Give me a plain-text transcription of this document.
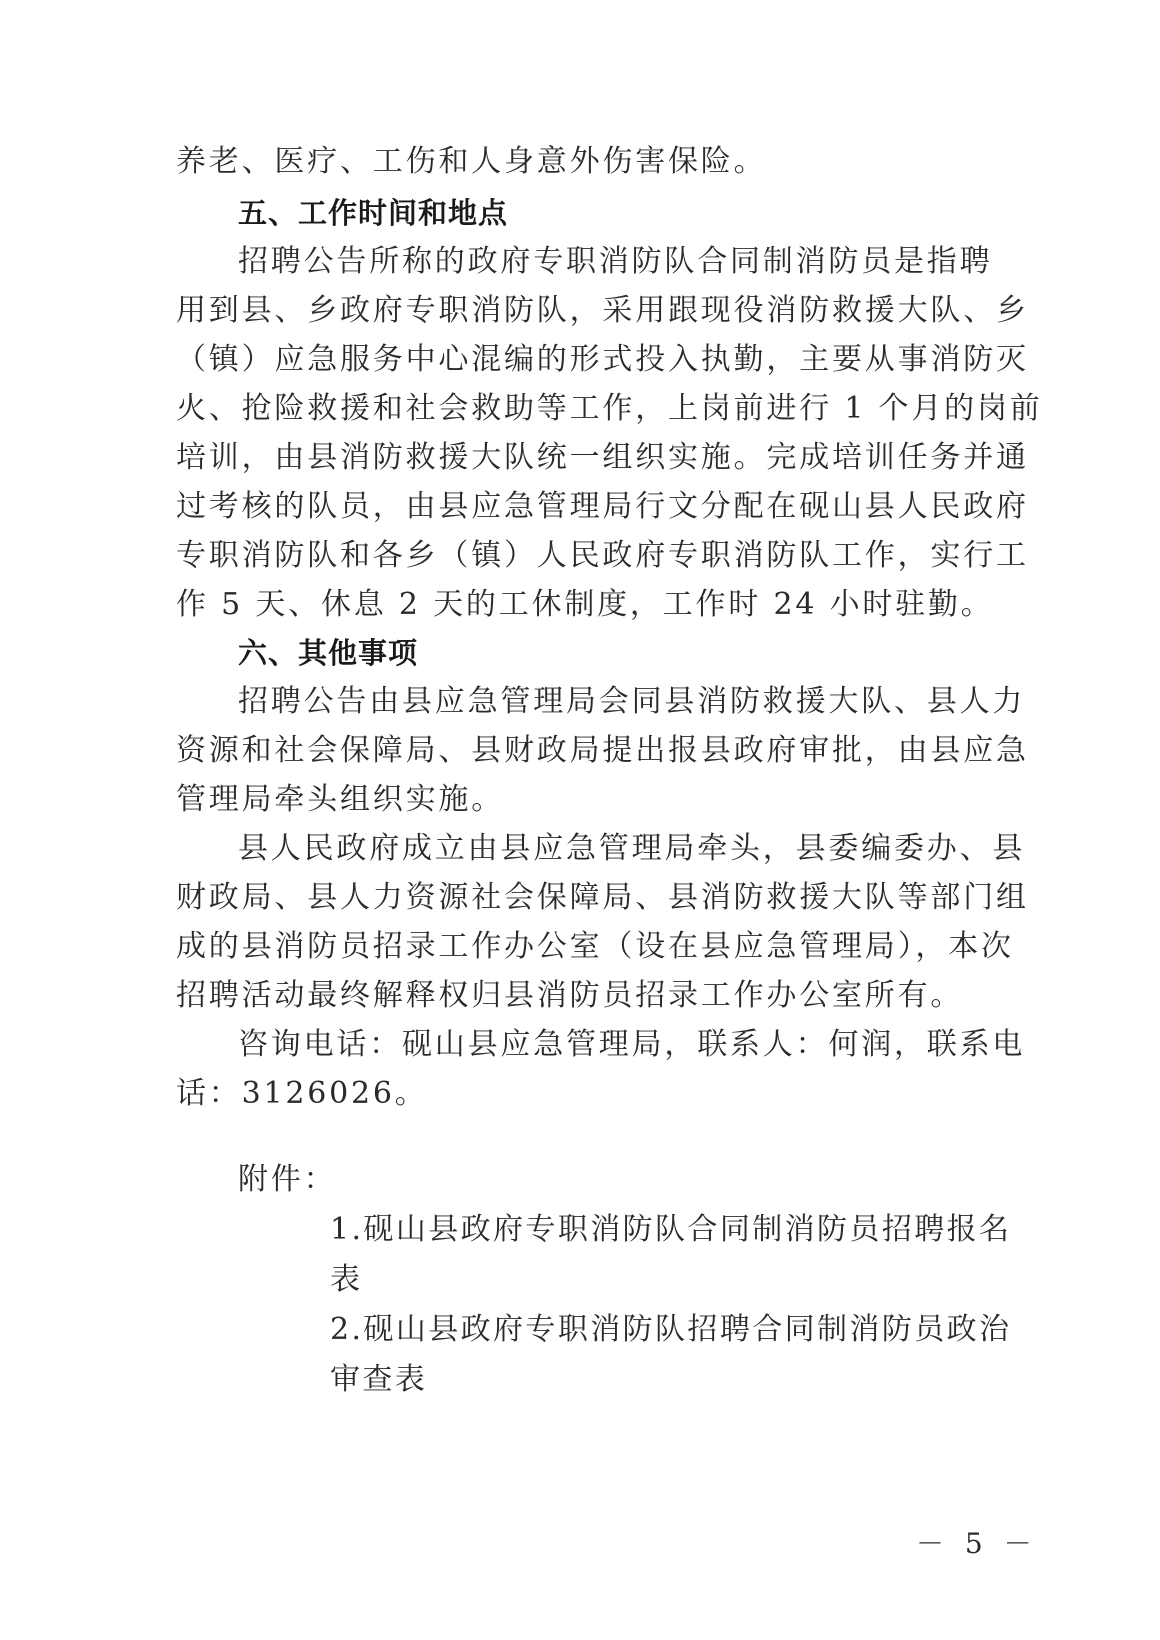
养老、医疗、工伤和人身意外伤害保险。
五、工作时间和地点
招聘公告所称的政府专职消防队合同制消防员是指聘
用到县、乡政府专职消防队，采用跟现役消防救援大队、乡
（镇）应急服务中心混编的形式投入执勤，主要从事消防灭
火、抢险救援和社会救助等工作，上岗前进行 1 个月的岗前
培训，由县消防救援大队统一组织实施。完成培训任务并通
过考核的队员，由县应急管理局行文分配在砚山县人民政府
专职消防队和各乡（镇）人民政府专职消防队工作，实行工
作 5 天、休息 2 天的工休制度，工作时 24 小时驻勤。
六、其他事项
招聘公告由县应急管理局会同县消防救援大队、县人力
资源和社会保障局、县财政局提出报县政府审批，由县应急
管理局牵头组织实施。
县人民政府成立由县应急管理局牵头，县委编委办、县
财政局、县人力资源社会保障局、县消防救援大队等部门组
成的县消防员招录工作办公室（设在县应急管理局），本次
招聘活动最终解释权归县消防员招录工作办公室所有。
咨询电话：砚山县应急管理局，联系人：何润，联系电
话：3126026。
附件：
1.砚山县政府专职消防队合同制消防员招聘报名
表
2.砚山县政府专职消防队招聘合同制消防员政治
审查表
－ 5 －
